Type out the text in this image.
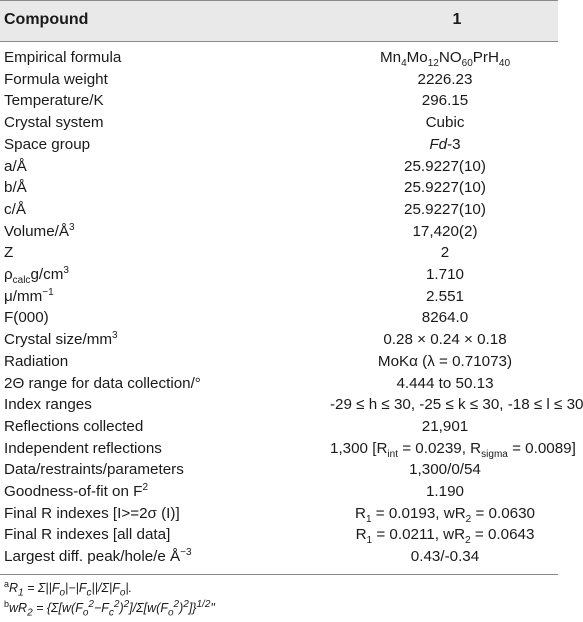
Compound	1
Empirical formula	$Mn_4Mo_{12}NO_{60}PrH_{40}$
Formula weight	2226.23
Temperature/K	296.15
Crystal system	Cubic
Space group	Fd-3
a/Å	25.9227(10)
b/Å	25.9227(10)
c/Å	25.9227(10)
Volume/$Å^3$	17,420(2)
Z	2
$\rho_{calc}g/cm^3$	1.710
$\mu/mm^{-1}$	2.551
F(000)	8264.0
Crystal size/$mm^3$	0.28 × 0.24 × 0.18
Radiation	MoKα (λ = 0.71073)
2Θ range for data collection/°	4.444 to 50.13
Index ranges	-29 ≤ h ≤ 30, -25 ≤ k ≤ 30, -18 ≤ l ≤ 30
Reflections collected	21,901
Independent reflections	1,300 [$R_{int} = 0.0239$, $R_{sigma} = 0.0089$]
Data/restraints/parameters	1,300/0/54
Goodness-of-fit on $F^2$	1.190
Final R indexes [I>=2σ (I)]	$R_1 = 0.0193$, $wR_2 = 0.0630$
Final R indexes [all data]	$R_1 = 0.0211$, $wR_2 = 0.0643$
Largest diff. peak/hole/e $Å^{-3}$	0.43/-0.34
$^aR_1 = \Sigma||F_o|-|F_c||/\Sigma|F_o|$.
$^bwR_2 = \{\Sigma[w(F_o^2-F_c^2)^2]/\Sigma[w(F_o^2)^2]\}^{1/2}$"
